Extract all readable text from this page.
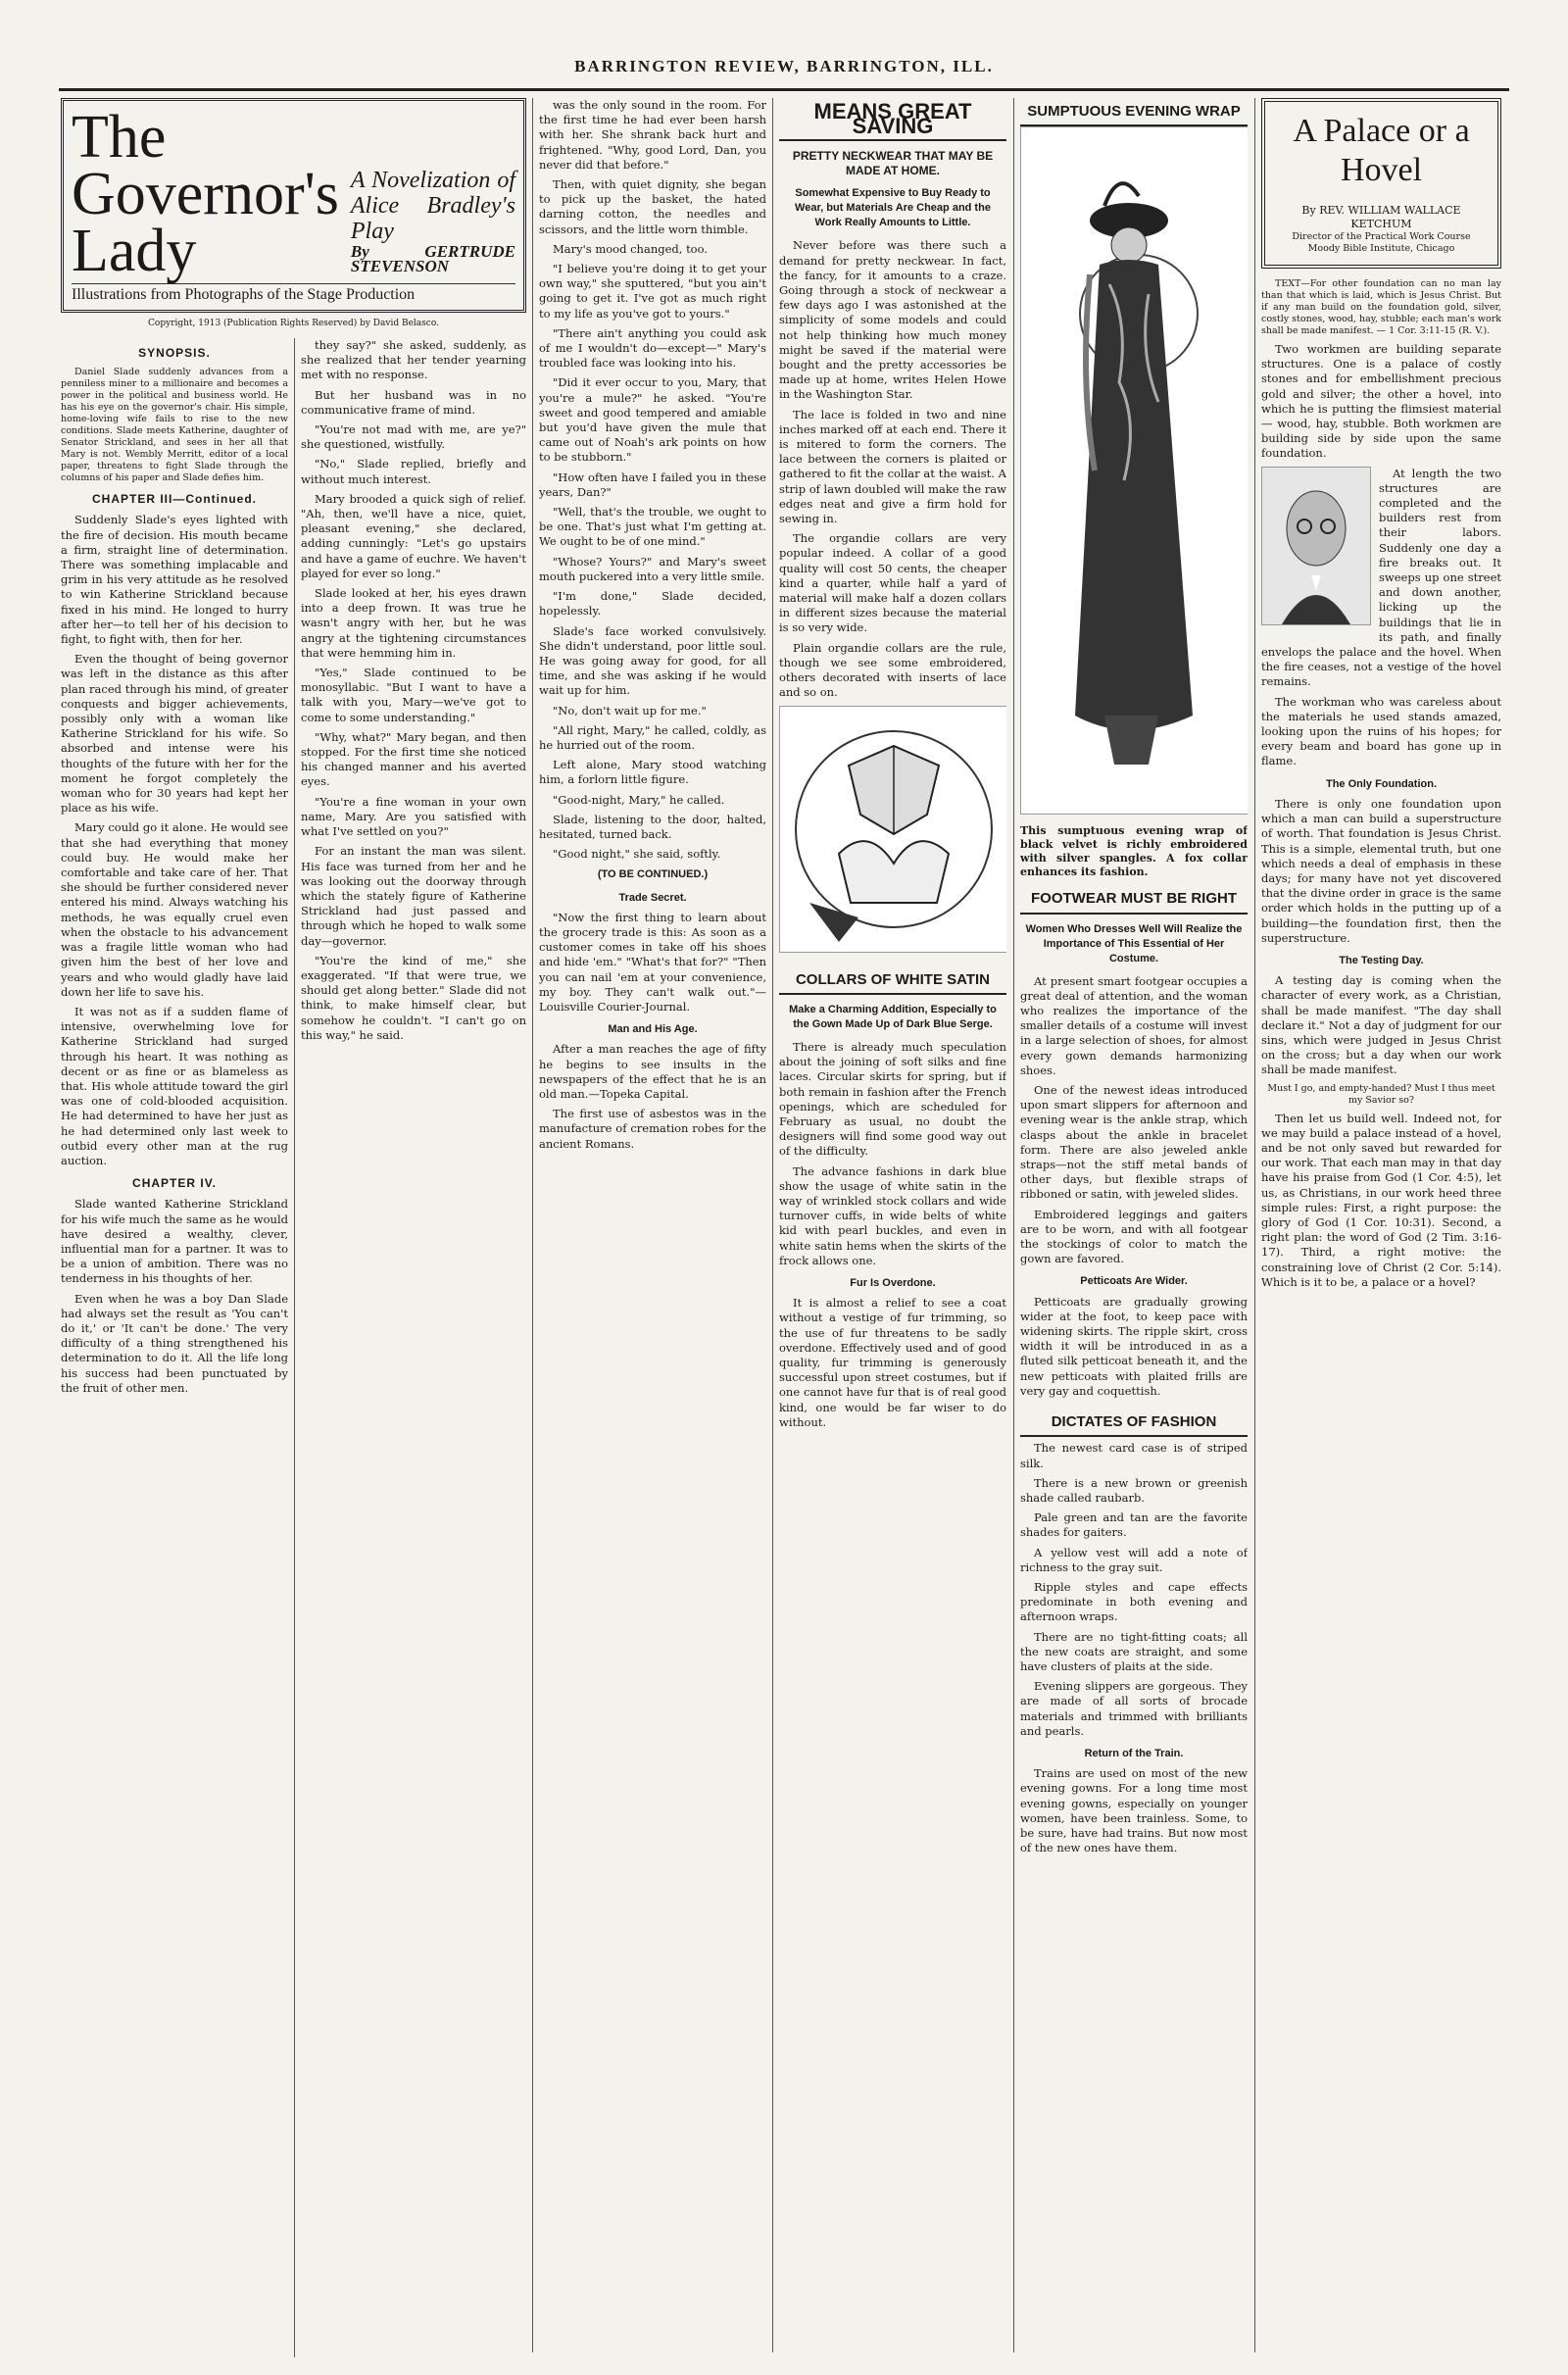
BARRINGTON REVIEW, BARRINGTON, ILL.
The Governor's
Lady
A Novelization of Alice Bradley's Play
By GERTRUDE STEVENSON
Illustrations from Photographs of the Stage Production
Copyright, 1913 (Publication Rights Reserved) by David Belasco.
SYNOPSIS.

Daniel Slade suddenly advances from a penniless miner to a millionaire and becomes a power in the political and business world. He has his eye on the governor's chair. His simple, home-loving wife fails to rise to the new conditions. Slade meets Katherine, daughter of Senator Strickland, and sees in her all that Mary is not. Wembly Merritt, editor of a local paper, threatens to fight Slade through the columns of his paper and Slade defies him.

CHAPTER III—Continued.

Suddenly Slade's eyes lighted with the fire of decision. His mouth became a firm, straight line of determination. There was something implacable and grim in his very attitude as he resolved to win Katherine Strickland because fixed in his mind. He longed to hurry after her—to tell her of his decision to fight, to fight with, then for her.

Even the thought of being governor was left in the distance as this after plan raced through his mind, of greater conquests and bigger achievements, possibly only with a woman like Katherine Strickland for his wife. So absorbed and intense were his thoughts of the future with her for the moment he forgot completely the woman who for 30 years had kept her place as his wife.

Mary could go it alone. He would see that she had everything that money could buy. He would make her comfortable and take care of her. That she should be further considered never entered his mind. Always watching his methods, he was equally cruel even when the obstacle to his advancement was a fragile little woman who had given him the best of her love and years and who would gladly have laid down her life to save his.

It was not as if a sudden flame of intensive, overwhelming love for Katherine Strickland had surged through his heart. It was nothing as decent or as fine or as blameless as that. His whole attitude toward the girl was one of cold-blooded acquisition. He had determined to have her just as he had determined only last week to outbid every other man at the rug auction.

CHAPTER IV.

Slade wanted Katherine Strickland for his wife much the same as he would have desired a wealthy, clever, influential man for a partner. It was to be a union of ambition. There was no tenderness in his thoughts of her.

Even when he was a boy Dan Slade had always set the result as 'You can't do it,' or 'It can't be done.' The very difficulty of a thing strengthened his determination to do it. All the life long his success had been punctuated by the fruit of other men.

they say?" she asked, suddenly, as she realized that her tender yearning met with no response.

But her husband was in no communicative frame of mind.

"You're not mad with me, are ye?" she questioned, wistfully.

"No," Slade replied, briefly and without much interest.

Mary brooded a quick sigh of relief. "Ah, then, we'll have a nice, quiet, pleasant evening," she declared, adding cunningly: "Let's go upstairs and have a game of euchre. We haven't played for ever so long."

Slade looked at her, his eyes drawn into a deep frown. It was true he wasn't angry with her, but he was angry at the tightening circumstances that were hemming him in.

"Yes," Slade continued to be monosyllabic. "But I want to have a talk with you, Mary—we've got to come to some understanding."

"Why, what?" Mary began, and then stopped. For the first time she noticed his changed manner and his averted eyes.

"You're a fine woman in your own name, Mary. Are you satisfied with what I've settled on you?"

For an instant the man was silent. His face was turned from her and he was looking out the doorway through which the stately figure of Katherine Strickland had just passed and through which he hoped to walk some day—governor.

"You're the kind of me," she exaggerated. "If that were true, we should get along better." Slade did not think, to make himself clear, but somehow he couldn't. "I can't go on this way," he said.

was the only sound in the room. For the first time he had ever been harsh with her. She shrank back hurt and frightened. "Why, good Lord, Dan, you never did that before."

Then, with quiet dignity, she began to pick up the basket, the hated darning cotton, the needles and scissors, and the little worn thimble.

Mary's mood changed, too.

"I believe you're doing it to get your own way," she sputtered, "but you ain't going to get it. I've got as much right to my life as you've got to yours."

"There ain't anything you could ask of me I wouldn't do—except—" Mary's troubled face was looking into his.

"Did it ever occur to you, Mary, that you're a mule?" he asked. "You're sweet and good tempered and amiable but you'd have given the mule that came out of Noah's ark points on how to be stubborn."

"How often have I failed you in these years, Dan?"

"Well, that's the trouble, we ought to be one. That's just what I'm getting at. We ought to be of one mind."

"Whose? Yours?" and Mary's sweet mouth puckered into a very little smile.

"I'm done," Slade decided, hopelessly.

Slade's face worked convulsively. She didn't understand, poor little soul. He was going away for good, for all time, and she was asking if he would wait up for him.

"No, don't wait up for me."

"All right, Mary," he called, coldly, as he hurried out of the room.

Left alone, Mary stood watching him, a forlorn little figure.

"Good-night, Mary," he called.

Slade, listening to the door, halted, hesitated, turned back.

"Good night," she said, softly.

(TO BE CONTINUED.)
Trade Secret.

"Now the first thing to learn about the grocery trade is this: As soon as a customer comes in take off his shoes and hide 'em." "What's that for?" "Then you can nail 'em at your convenience, my boy. They can't walk out."—Louisville Courier-Journal.

Man and His Age.

After a man reaches the age of fifty he begins to see insults in the newspapers of the effect that he is an old man.—Topeka Capital.

The first use of asbestos was in the manufacture of cremation robes for the ancient Romans.

MEANS GREAT SAVING
PRETTY NECKWEAR THAT MAY BE MADE AT HOME.
Somewhat Expensive to Buy Ready to Wear, but Materials Are Cheap and the Work Really Amounts to Little.

Never before was there such a demand for pretty neckwear. In fact, the fancy, for it amounts to a craze. Going through a stock of neckwear a few days ago I was astonished at the simplicity of some models and could not help thinking how much money might be saved if the material were bought and the pretty accessories be made up at home, writes Helen Howe in the Washington Star.

The lace is folded in two and nine inches marked off at each end. There it is mitered to form the corners. The lace between the corners is plaited or gathered to fit the collar at the waist. A strip of lawn doubled will make the raw edges neat and give a firm hold for sewing in.

The organdie collars are very popular indeed. A collar of a good quality will cost 50 cents, the cheaper kind a quarter, while half a yard of material will make half a dozen collars in different sizes because the material is so very wide.

Plain organdie collars are the rule, though we see some embroidered, others decorated with inserts of lace and so on.

COLLARS OF WHITE SATIN
Make a Charming Addition, Especially to the Gown Made Up of Dark Blue Serge.

There is already much speculation about the joining of soft silks and fine laces. Circular skirts for spring, but if both remain in fashion after the French openings, which are scheduled for February as usual, no doubt the designers will find some good way out of the difficulty.

The advance fashions in dark blue show the usage of white satin in the way of wrinkled stock collars and wide turnover cuffs, in wide belts of white kid with pearl buckles, and even in white satin hems when the skirts of the frock allows one.

Fur Is Overdone.

It is almost a relief to see a coat without a vestige of fur trimming, so the use of fur threatens to be sadly overdone. Effectively used and of good quality, fur trimming is generously successful upon street costumes, but if one cannot have fur that is of real good kind, one would be far wiser to do without.

SUMPTUOUS EVENING WRAP
This sumptuous evening wrap of black velvet is richly embroidered with silver spangles. A fox collar enhances its fashion.
FOOTWEAR MUST BE RIGHT
Women Who Dresses Well Will Realize the Importance of This Essential of Her Costume.

At present smart footgear occupies a great deal of attention, and the woman who realizes the importance of the smaller details of a costume will invest in a large selection of shoes, for almost every gown demands harmonizing shoes.

One of the newest ideas introduced upon smart slippers for afternoon and evening wear is the ankle strap, which clasps about the ankle in bracelet form. There are also jeweled ankle straps—not the stiff metal bands of other days, but flexible straps of ribboned or satin, with jeweled slides.

Embroidered leggings and gaiters are to be worn, and with all footgear the stockings of color to match the gown are favored.

Petticoats Are Wider.

Petticoats are gradually growing wider at the foot, to keep pace with widening skirts. The ripple skirt, cross width it will be introduced in as a fluted silk petticoat beneath it, and the new petticoats with plaited frills are very gay and coquettish.

DICTATES OF FASHION

The newest card case is of striped silk.

There is a new brown or greenish shade called raubarb.

Pale green and tan are the favorite shades for gaiters.

A yellow vest will add a note of richness to the gray suit.

Ripple styles and cape effects predominate in both evening and afternoon wraps.

There are no tight-fitting coats; all the new coats are straight, and some have clusters of plaits at the side.

Evening slippers are gorgeous. They are made of all sorts of brocade materials and trimmed with brilliants and pearls.

Return of the Train.

Trains are used on most of the new evening gowns. For a long time most evening gowns, especially on younger women, have been trainless. Some, to be sure, have had trains. But now most of the new ones have them.

A Palace or a Hovel
By REV. WILLIAM WALLACE KETCHUM
Director of the Practical Work Course Moody Bible Institute, Chicago

TEXT—For other foundation can no man lay than that which is laid, which is Jesus Christ. But if any man build on the foundation gold, silver, costly stones, wood, hay, stubble; each man's work shall be made manifest. — 1 Cor. 3:11-15 (R. V.).

Two workmen are building separate structures. One is a palace of costly stones and for embellishment precious gold and silver; the other a hovel, into which he is putting the flimsiest material — wood, hay, stubble. Both workmen are building side by side upon the same foundation.

At length the two structures are completed and the builders rest from their labors. Suddenly one day a fire breaks out. It sweeps up one street and down another, licking up the buildings that lie in its path, and finally envelops the palace and the hovel. When the fire ceases, not a vestige of the hovel remains.

The workman who was careless about the materials he used stands amazed, looking upon the ruins of his hopes; for every beam and board has gone up in flame.

The Only Foundation.

There is only one foundation upon which a man can build a superstructure of worth. That foundation is Jesus Christ. This is a simple, elemental truth, but one which needs a deal of emphasis in these days; for many have not yet discovered that the divine order in grace is the same order which holds in the putting up of a building—the foundation first, then the superstructure.

The Testing Day.

A testing day is coming when the character of every work, as a Christian, shall be made manifest. "The day shall declare it." Not a day of judgment for our sins, which were judged in Jesus Christ on the cross; but a day when our work shall be made manifest.

Must I go, and empty-handed? Must I thus meet my Savior so?

Then let us build well. Indeed not, for we may build a palace instead of a hovel, and be not only saved but rewarded for our work. That each man may in that day have his praise from God (1 Cor. 4:5), let us, as Christians, in our work heed three simple rules: First, a right purpose: the glory of God (1 Cor. 10:31). Second, a right plan: the word of God (2 Tim. 3:16-17). Third, a right motive: the constraining love of Christ (2 Cor. 5:14). Which is it to be, a palace or a hovel?
